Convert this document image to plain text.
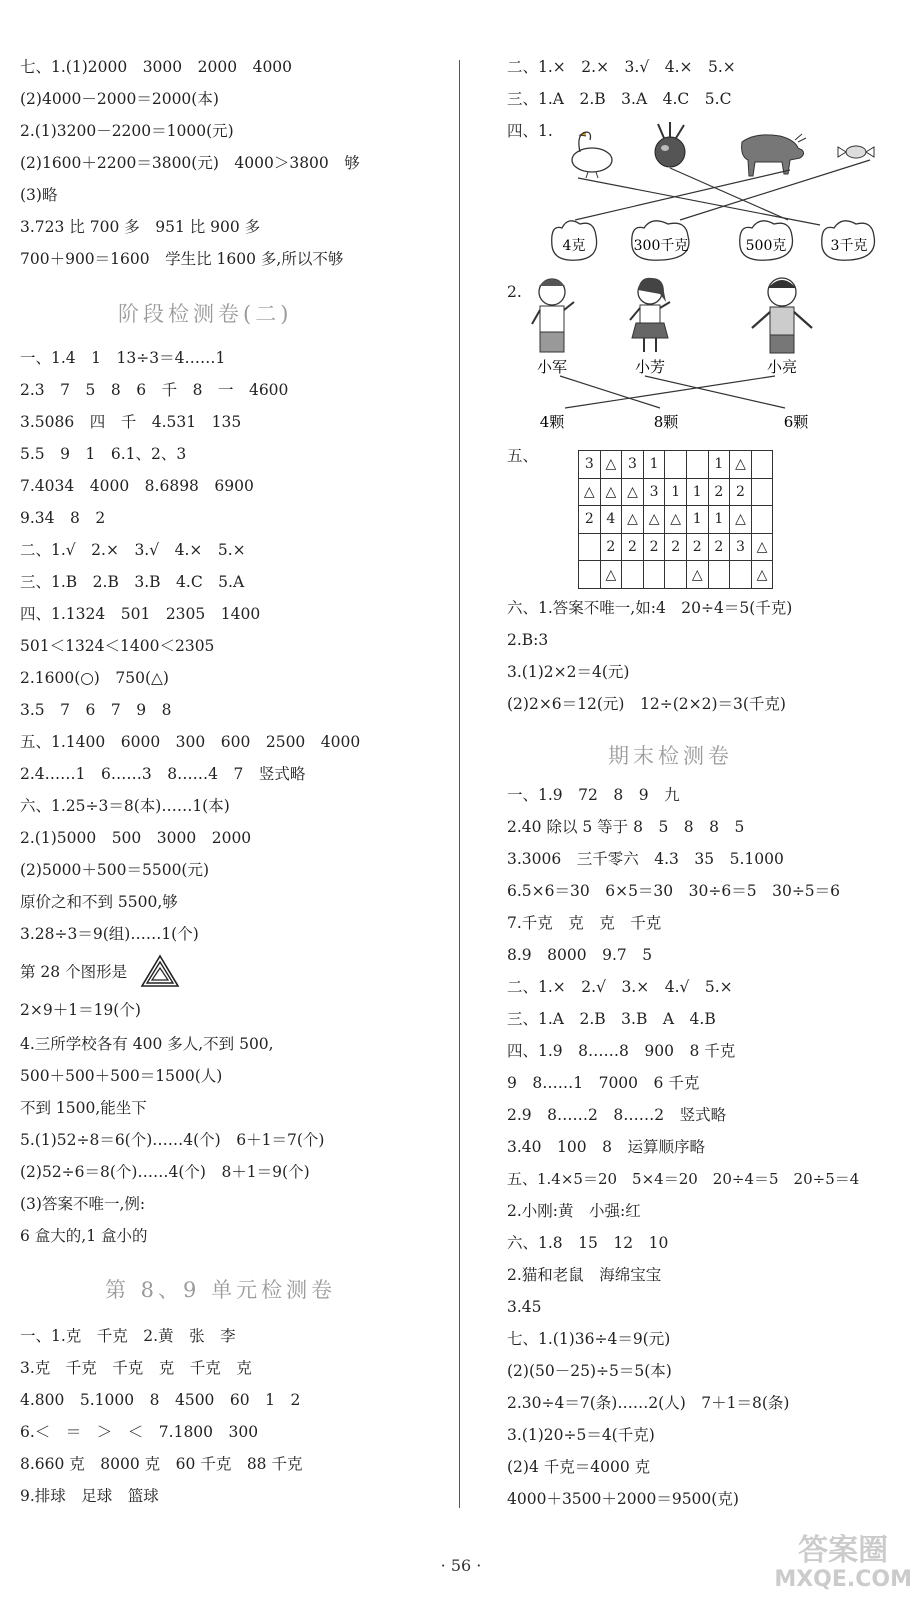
七、1.(1)2000　3000　2000　4000
(2)4000－2000＝2000(本)
2.(1)3200－2200＝1000(元)
(2)1600＋2200＝3800(元)　4000＞3800　够
(3)略
3.723 比 700 多　951 比 900 多
700＋900＝1600　学生比 1600 多,所以不够
阶段检测卷(二)
一、1.4　1　13÷3＝4……1
2.3　7　5　8　6　千　8　一　4600
3.5086　四　千　4.531　135
5.5　9　1　6.1、2、3
7.4034　4000　8.6898　6900
9.34　8　2
二、1.√　2.×　3.√　4.×　5.×
三、1.B　2.B　3.B　4.C　5.A
四、1.1324　501　2305　1400
501＜1324＜1400＜2305
2.1600(○)　750(△)
3.5　7　6　7　9　8
五、1.1400　6000　300　600　2500　4000
2.4……1　6……3　8……4　7　竖式略
六、1.25÷3＝8(本)……1(本)
2.(1)5000　500　3000　2000
(2)5000＋500＝5500(元)
原价之和不到 5500,够
3.28÷3＝9(组)……1(个)
第 28 个图形是
2×9＋1＝19(个)
4.三所学校各有 400 多人,不到 500,
500＋500＋500＝1500(人)
不到 1500,能坐下
5.(1)52÷8＝6(个)……4(个)　6＋1＝7(个)
(2)52÷6＝8(个)……4(个)　8＋1＝9(个)
(3)答案不唯一,例:
6 盒大的,1 盒小的
第 8、9 单元检测卷
一、1.克　千克　2.黄　张　李
3.克　千克　千克　克　千克　克
4.800　5.1000　8　4500　60　1　2
6.＜　＝　＞　＜　7.1800　300
8.660 克　8000 克　60 千克　88 千克
9.排球　足球　篮球
二、1.×　2.×　3.√　4.×　5.×
三、1.A　2.B　3.A　4.C　5.C
四、1.
4克	300千克	500克	3千克
2.
小军	小芳	小亮
4颗	8颗	6颗
五、	3	△	3	1			1	△	
△	△	△	3	1	1	2	2	
2	4	△	△	△	1	1	△	
	2	2	2	2	2	2	3	△
	△				△			△
六、1.答案不唯一,如:4　20÷4＝5(千克)
2.B:3
3.(1)2×2＝4(元)
(2)2×6＝12(元)　12÷(2×2)＝3(千克)
期末检测卷
一、1.9　72　8　9　九
2.40 除以 5 等于 8　5　8　8　5
3.3006　三千零六　4.3　35　5.1000
6.5×6＝30　6×5＝30　30÷6＝5　30÷5＝6
7.千克　克　克　千克
8.9　8000　9.7　5
二、1.×　2.√　3.×　4.√　5.×
三、1.A　2.B　3.B　A　4.B
四、1.9　8……8　900　8 千克
9　8……1　7000　6 千克
2.9　8……2　8……2　竖式略
3.40　100　8　运算顺序略
五、1.4×5＝20　5×4＝20　20÷4＝5　20÷5＝4
2.小刚:黄　小强:红
六、1.8　15　12　10
2.猫和老鼠　海绵宝宝
3.45
七、1.(1)36÷4＝9(元)
(2)(50－25)÷5＝5(本)
2.30÷4＝7(条)……2(人)　7＋1＝8(条)
3.(1)20÷5＝4(千克)
(2)4 千克＝4000 克
4000＋3500＋2000＝9500(克)
· 56 ·	答案圈
MXQE.COM
